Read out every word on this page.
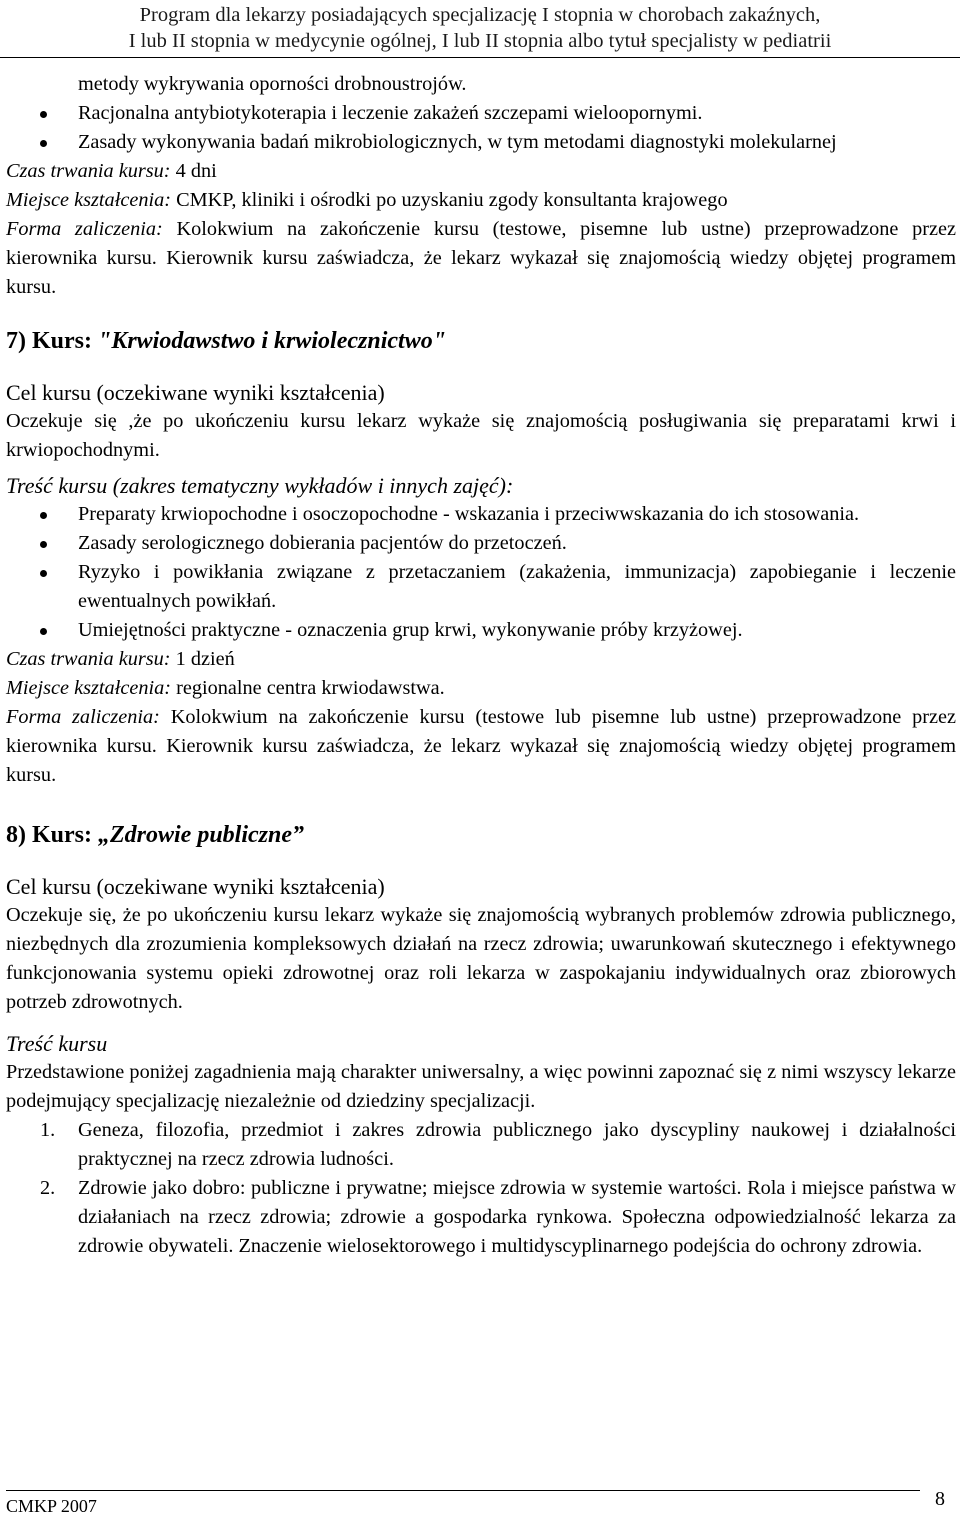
Program dla lekarzy posiadających specjalizację I stopnia w chorobach zakaźnych,
I lub II stopnia w medycynie ogólnej, I lub II stopnia albo tytuł specjalisty w pediatrii

metody wykrywania oporności drobnoustrojów.

Racjonalna antybiotykoterapia i leczenie zakażeń szczepami wieloopornymi.
Zasady wykonywania badań mikrobiologicznych, w tym metodami diagnostyki molekularnej

Czas trwania kursu: 4 dni

Miejsce kształcenia: CMKP, kliniki i ośrodki po uzyskaniu zgody konsultanta krajowego

Forma zaliczenia: Kolokwium na zakończenie kursu (testowe, pisemne lub ustne) przeprowadzone przez kierownika kursu. Kierownik kursu zaświadcza, że lekarz wykazał się znajomością wiedzy objętej programem kursu.

7) Kurs: "Krwiodawstwo i krwiolecznictwo"

Cel kursu (oczekiwane wyniki kształcenia)

Oczekuje się ,że po ukończeniu kursu lekarz wykaże się znajomością posługiwania się preparatami krwi i krwiopochodnymi.

Treść kursu (zakres tematyczny wykładów i innych zajęć):

Preparaty krwiopochodne i osoczopochodne - wskazania i przeciwwskazania do ich stosowania.
Zasady serologicznego dobierania pacjentów do przetoczeń.
Ryzyko i powikłania związane z przetaczaniem (zakażenia, immunizacja) zapobieganie i leczenie ewentualnych powikłań.
Umiejętności praktyczne - oznaczenia grup krwi, wykonywanie próby krzyżowej.

Czas trwania kursu: 1 dzień

Miejsce kształcenia: regionalne centra krwiodawstwa.

Forma zaliczenia: Kolokwium na zakończenie kursu (testowe lub pisemne lub ustne) przeprowadzone przez kierownika kursu. Kierownik kursu zaświadcza, że lekarz wykazał się znajomością wiedzy objętej programem kursu.

8) Kurs: „Zdrowie publiczne”

Cel kursu (oczekiwane wyniki kształcenia)

Oczekuje się, że po ukończeniu kursu lekarz wykaże się znajomością wybranych problemów zdrowia publicznego, niezbędnych dla zrozumienia kompleksowych działań na rzecz zdrowia; uwarunkowań skutecznego i efektywnego funkcjonowania systemu opieki zdrowotnej oraz roli lekarza w zaspokajaniu indywidualnych oraz zbiorowych potrzeb zdrowotnych.

Treść kursu

Przedstawione poniżej zagadnienia mają charakter uniwersalny, a więc powinni zapoznać się z nimi wszyscy lekarze podejmujący specjalizację niezależnie od dziedziny specjalizacji.

1. Geneza, filozofia, przedmiot i zakres zdrowia publicznego jako dyscypliny naukowej i działalności praktycznej na rzecz zdrowia ludności.
2. Zdrowie jako dobro: publiczne i prywatne; miejsce zdrowia w systemie wartości. Rola i miejsce państwa w działaniach na rzecz zdrowia; zdrowie a gospodarka rynkowa. Społeczna odpowiedzialność lekarza za zdrowie obywateli. Znaczenie wielosektorowego i multidyscyplinarnego podejścia do ochrony zdrowia.
CMKP 2007	8
